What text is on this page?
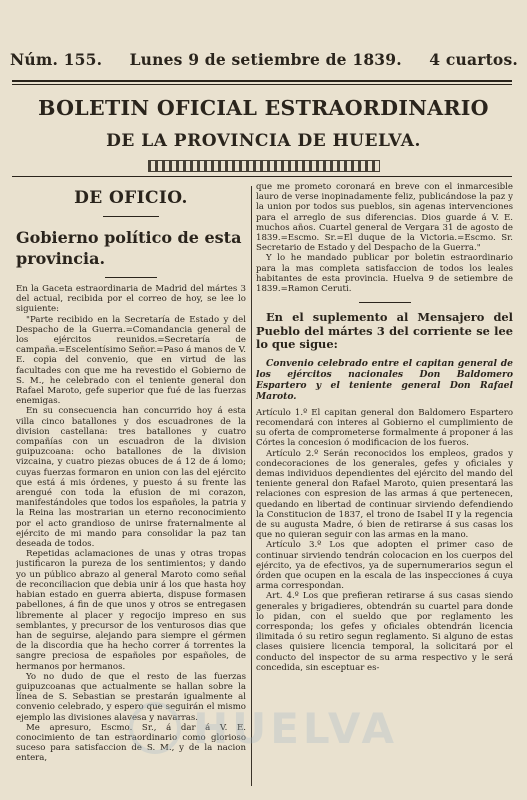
Núm. 155. Lunes 9 de setiembre de 1839. 4 cuartos.
BOLETIN OFICIAL ESTRAORDINARIO
DE LA PROVINCIA DE HUELVA.
DE OFICIO.
Gobierno político de esta provincia.

En la Gaceta estraordinaria de Madrid del mártes 3 del actual, recibida por el correo de hoy, se lee lo siguiente:

"Parte recibido en la Secretaría de Estado y del Despacho de la Guerra.=Comandancia general de los ejércitos reunidos.=Secretaría de campaña.=Escelentísimo Señor.=Paso á manos de V. E. copia del convenio, que en virtud de las facultades con que me ha revestido el Gobierno de S. M., he celebrado con el teniente general don Rafael Maroto, gefe superior que fué de las fuerzas enemigas.

En su consecuencia han concurrido hoy á esta villa cinco batallones y dos escuadrones de la division castellana: tres batallones y cuatro compañías con un escuadron de la division guipuzcoana: ocho batallones de la division vizcaina, y cuatro piezas obuces de á 12 de á lomo; cuyas fuerzas formaron en union con las del ejército que está á mis órdenes, y puesto á su frente las arengué con toda la efusion de mi corazon, manifestándoles que todos los españoles, la patria y la Reina las mostrarian un eterno reconocimiento por el acto grandioso de unirse fraternalmente al ejército de mi mando para consolidar la paz tan deseada de todos.

Repetidas aclamaciones de unas y otras tropas justificaron la pureza de los sentimientos; y dando yo un público abrazo al general Maroto como señal de reconciliacion que debia unir á los que hasta hoy habian estado en guerra abierta, dispuse formasen pabellones, á fin de que unos y otros se entregasen libremente al placer y regocijo impreso en sus semblantes, y precursor de los venturosos dias que han de seguirse, alejando para siempre el gérmen de la discordia que ha hecho correr á torrentes la sangre preciosa de españoles por españoles, de hermanos por hermanos.

Yo no dudo de que el resto de las fuerzas guipuzcoanas que actualmente se hallan sobre la línea de S. Sebastian se prestarán igualmente al convenio celebrado, y espero que seguirán el mismo ejemplo las divisiones alavesa y navarras.

Me apresuro, Escmo. Sr., á dar á V. E. conocimiento de tan estraordinario como glorioso suceso para satisfaccion de S. M., y de la nacion entera,

que me prometo coronará en breve con el inmarcesible lauro de verse inopinadamente feliz, publicándose la paz y la union por todos sus pueblos, sin agenas intervenciones para el arreglo de sus diferencias. Dios guarde á V. E. muchos años. Cuartel general de Vergara 31 de agosto de 1839.=Escmo. Sr.=El duque de la Victoria.=Escmo. Sr. Secretario de Estado y del Despacho de la Guerra."

Y lo he mandado publicar por boletin estraordinario para la mas completa satisfaccion de todos los leales habitantes de esta provincia. Huelva 9 de setiembre de 1839.=Ramon Ceruti.

En el suplemento al Mensajero del Pueblo del mártes 3 del corriente se lee lo que sigue:
Convenio celebrado entre el capitan general de los ejércitos nacionales Don Baldomero Espartero y el teniente general Don Rafael Maroto.

Artículo 1.º El capitan general don Baldomero Espartero recomendará con interes al Gobierno el cumplimiento de su oferta de comprometerse formalmente á proponer á las Córtes la concesion ó modificacion de los fueros.

Artículo 2.º Serán reconocidos los empleos, grados y condecoraciones de los generales, gefes y oficiales y demas individuos dependientes del ejército del mando del teniente general don Rafael Maroto, quien presentará las relaciones con espresion de las armas á que pertenecen, quedando en libertad de continuar sirviendo defendiendo la Constitucion de 1837, el trono de Isabel II y la regencia de su augusta Madre, ó bien de retirarse á sus casas los que no quieran seguir con las armas en la mano.

Artículo 3.º Los que adopten el primer caso de continuar sirviendo tendrán colocacion en los cuerpos del ejército, ya de efectivos, ya de supernumerarios segun el órden que ocupen en la escala de las inspecciones á cuya arma correspondan.

Art. 4.º Los que prefieran retirarse á sus casas siendo generales y brigadieres, obtendrán su cuartel para donde lo pidan, con el sueldo que por reglamento les corresponda; los gefes y oficiales obtendrán licencia ilimitada ó su retiro segun reglamento. Si alguno de estas clases quisiere licencia temporal, la solicitará por el conducto del inspector de su arma respectivo y le será concedida, sin esceptuar es-

HUELVA
